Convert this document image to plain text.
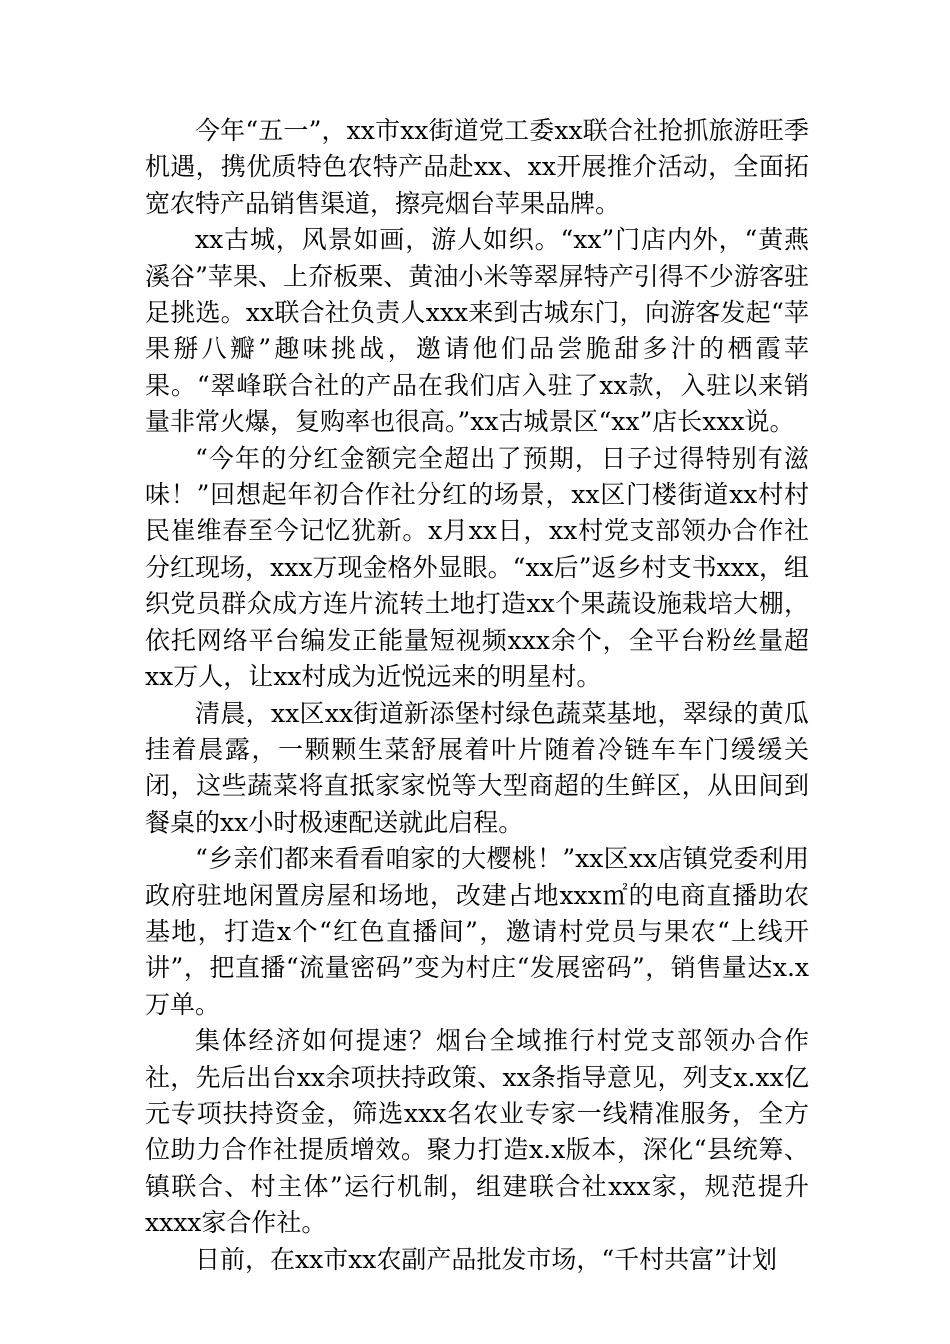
今年“五一”，xx市xx街道党工委xx联合社抢抓旅游旺季机遇，携优质特色农特产品赴xx、xx开展推介活动，全面拓宽农特产品销售渠道，擦亮烟台苹果品牌。

xx古城，风景如画，游人如织。“xx”门店内外，“黄燕溪谷”苹果、上夼板栗、黄油小米等翠屏特产引得不少游客驻足挑选。xx联合社负责人xxx来到古城东门，向游客发起“苹果掰八瓣”趣味挑战，邀请他们品尝脆甜多汁的栖霞苹果。“翠峰联合社的产品在我们店入驻了xx款，入驻以来销量非常火爆，复购率也很高。”xx古城景区“xx”店长xxx说。

“今年的分红金额完全超出了预期，日子过得特别有滋味！”回想起年初合作社分红的场景，xx区门楼街道xx村村民崔维春至今记忆犹新。x月xx日，xx村党支部领办合作社分红现场，xxx万现金格外显眼。“xx后”返乡村支书xxx，组织党员群众成方连片流转土地打造xx个果蔬设施栽培大棚，依托网络平台编发正能量短视频xxx余个，全平台粉丝量超xx万人，让xx村成为近悦远来的明星村。

清晨，xx区xx街道新添堡村绿色蔬菜基地，翠绿的黄瓜挂着晨露，一颗颗生菜舒展着叶片随着冷链车车门缓缓关闭，这些蔬菜将直抵家家悦等大型商超的生鲜区，从田间到餐桌的xx小时极速配送就此启程。

“乡亲们都来看看咱家的大樱桃！”xx区xx店镇党委利用政府驻地闲置房屋和场地，改建占地xxx㎡的电商直播助农基地，打造x个“红色直播间”，邀请村党员与果农“上线开讲”，把直播“流量密码”变为村庄“发展密码”，销售量达x.x万单。

集体经济如何提速？烟台全域推行村党支部领办合作社，先后出台xx余项扶持政策、xx条指导意见，列支x.xx亿元专项扶持资金，筛选xxx名农业专家一线精准服务，全方位助力合作社提质增效。聚力打造x.x版本，深化“县统筹、镇联合、村主体”运行机制，组建联合社xxx家，规范提升xxxx家合作社。

日前，在xx市xx农副产品批发市场，“千村共富”计划
